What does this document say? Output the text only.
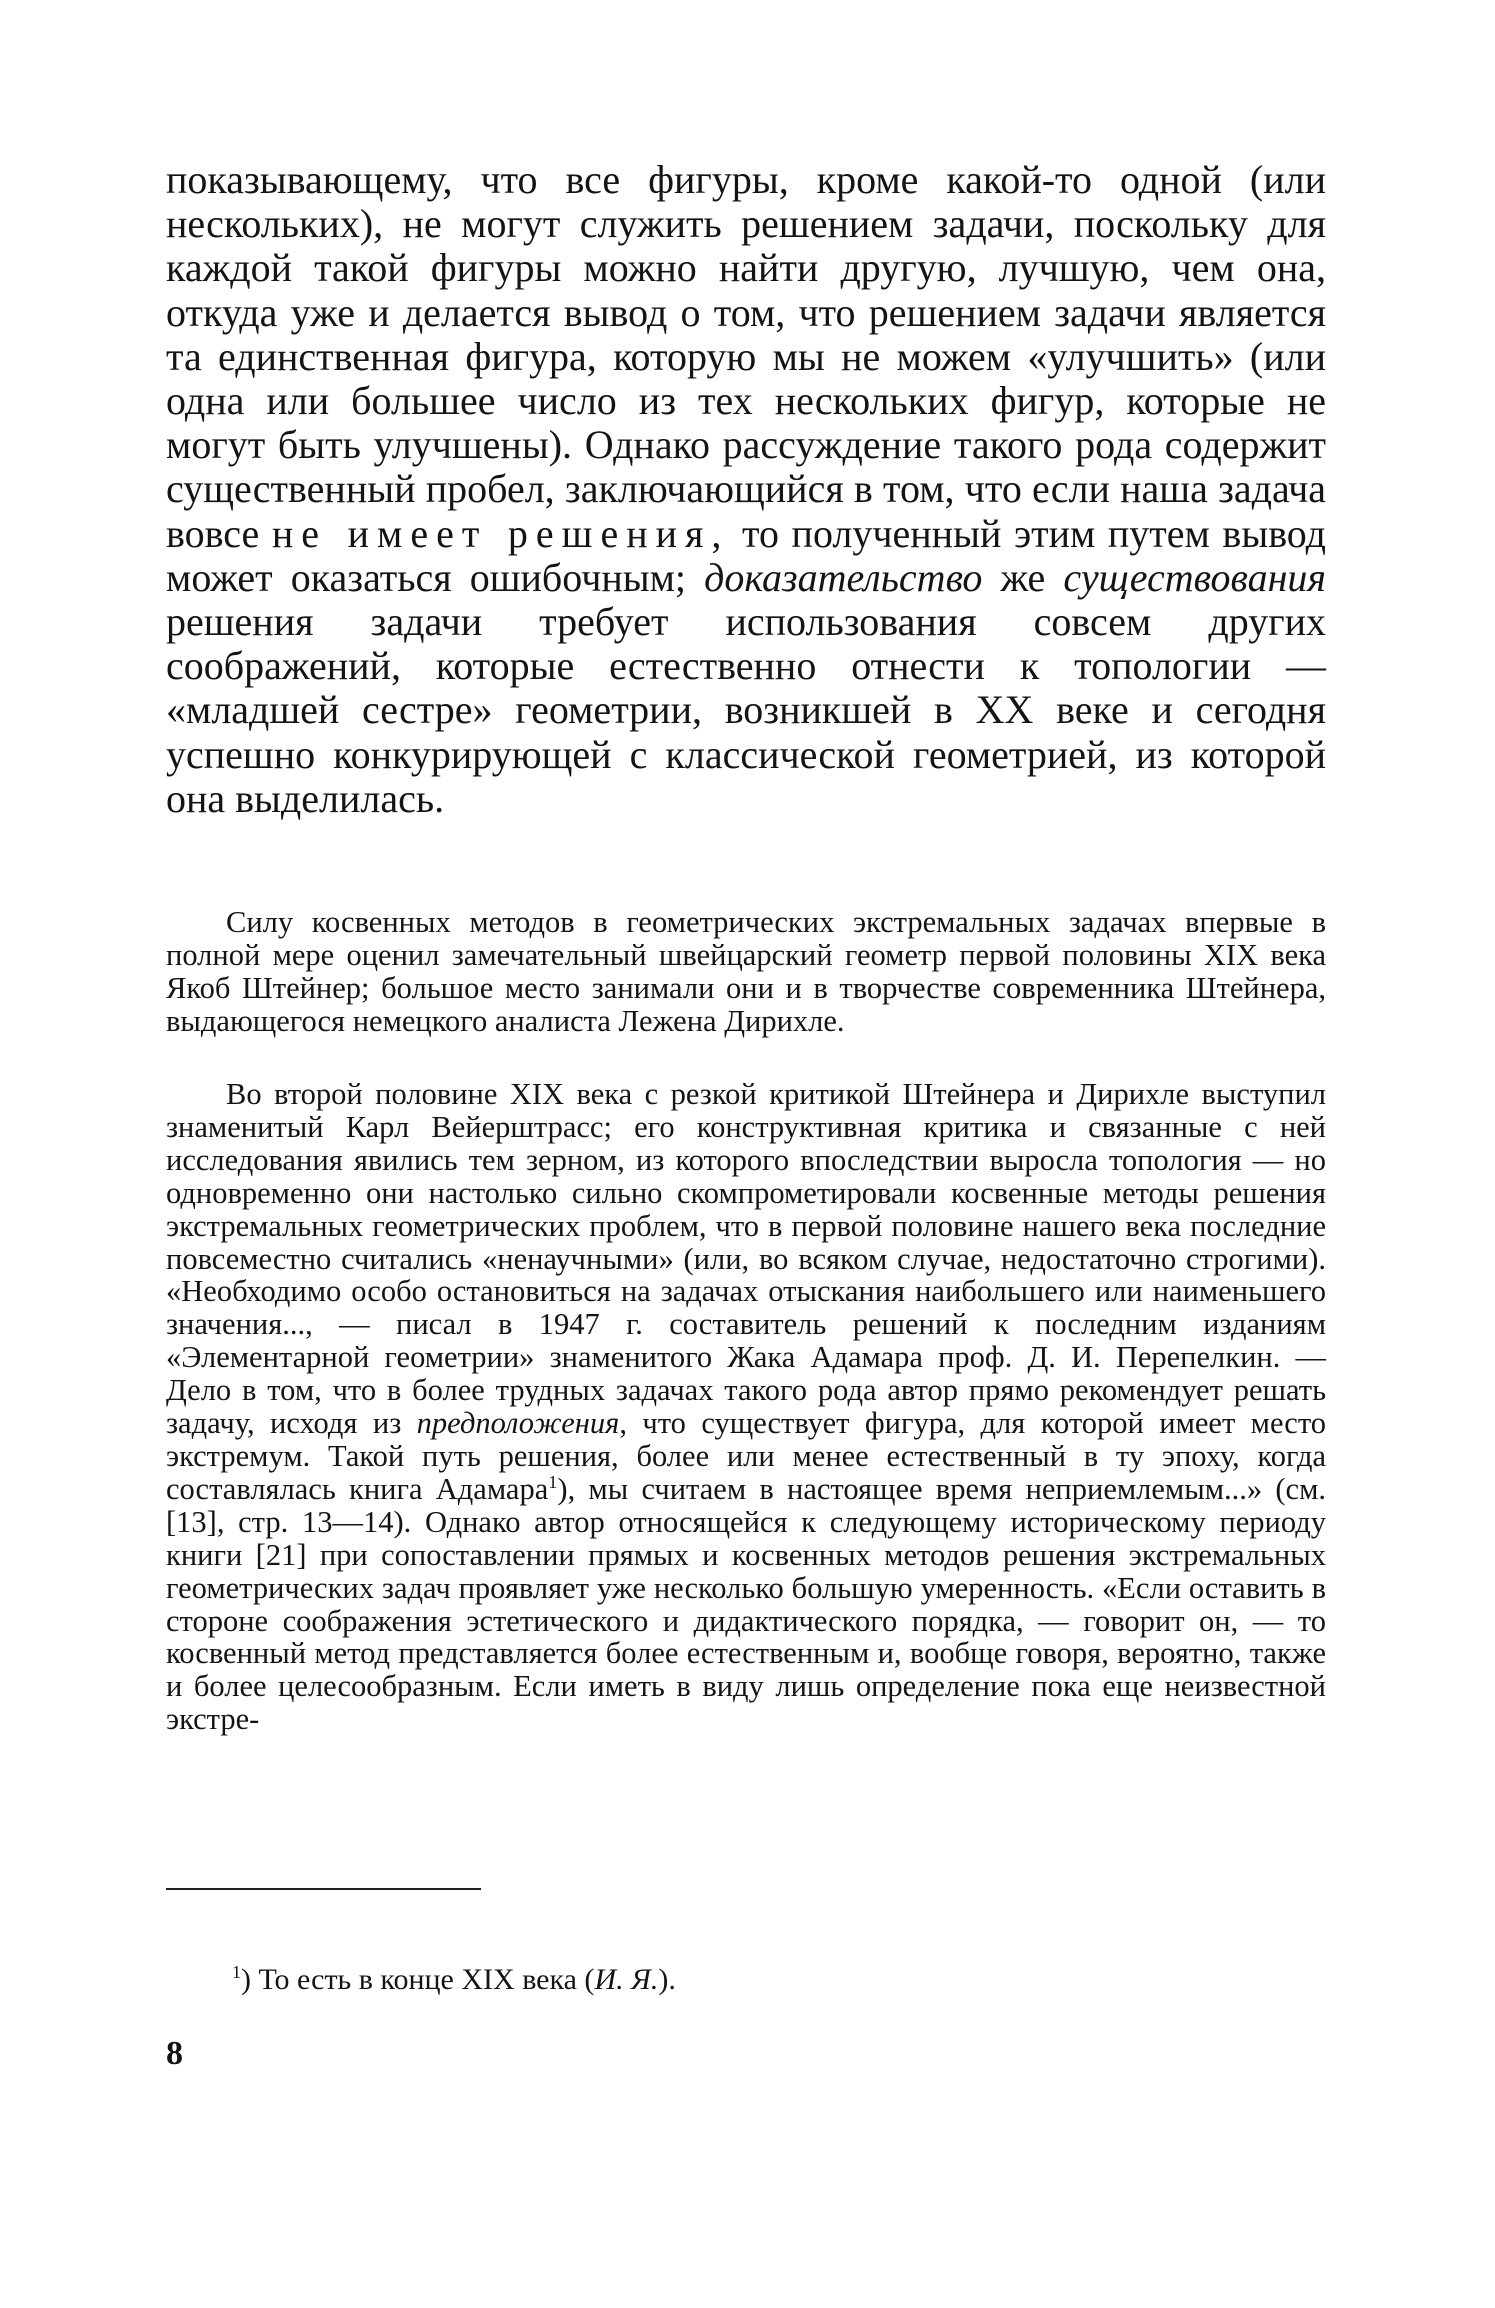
показывающему, что все фигуры, кроме какой-то одной (или нескольких), не могут служить решением задачи, поскольку для каждой такой фигуры можно найти другую, лучшую, чем она, откуда уже и делается вывод о том, что решением задачи является та единственная фигура, которую мы не можем «улучшить» (или одна или большее число из тех нескольких фигур, которые не могут быть улучшены). Однако рассуждение такого рода содержит существенный пробел, заключающийся в том, что если наша задача вовсе не имеет решения, то полученный этим путем вывод может оказаться ошибочным; доказательство же существования решения задачи требует использования совсем других соображений, которые естественно отнести к топологии — «младшей сестре» геометрии, возникшей в XX веке и сегодня успешно конкурирующей с классической геометрией, из которой она выделилась.

Силу косвенных методов в геометрических экстремальных задачах впервые в полной мере оценил замечательный швейцарский геометр первой половины XIX века Якоб Штейнер; большое место занимали они и в творчестве современника Штейнера, выдающегося немецкого аналиста Лежена Дирихле.

Во второй половине XIX века с резкой критикой Штейнера и Дирихле выступил знаменитый Карл Вейерштрасс; его конструктивная критика и связанные с ней исследования явились тем зерном, из которого впоследствии выросла топология — но одновременно они настолько сильно скомпрометировали косвенные методы решения экстремальных геометрических проблем, что в первой половине нашего века последние повсеместно считались «ненаучными» (или, во всяком случае, недостаточно строгими). «Необходимо особо остановиться на задачах отыскания наибольшего или наименьшего значения..., — писал в 1947 г. составитель решений к последним изданиям «Элементарной геометрии» знаменитого Жака Адамара проф. Д. И. Перепелкин. — Дело в том, что в более трудных задачах такого рода автор прямо рекомендует решать задачу, исходя из предположения, что существует фигура, для которой имеет место экстремум. Такой путь решения, более или менее естественный в ту эпоху, когда составлялась книга Адамара$^1$), мы считаем в настоящее время неприемлемым...» (см. [13], стр. 13—14). Однако автор относящейся к следующему историческому периоду книги [21] при сопоставлении прямых и косвенных методов решения экстремальных геометрических задач проявляет уже несколько большую умеренность. «Если оставить в стороне соображения эстетического и дидактического порядка, — говорит он, — то косвенный метод представляется более естественным и, вообще говоря, вероятно, также и более целесообразным. Если иметь в виду лишь определение пока еще неизвестной экстре-

$^1$) То есть в конце XIX века (И. Я.).

8
